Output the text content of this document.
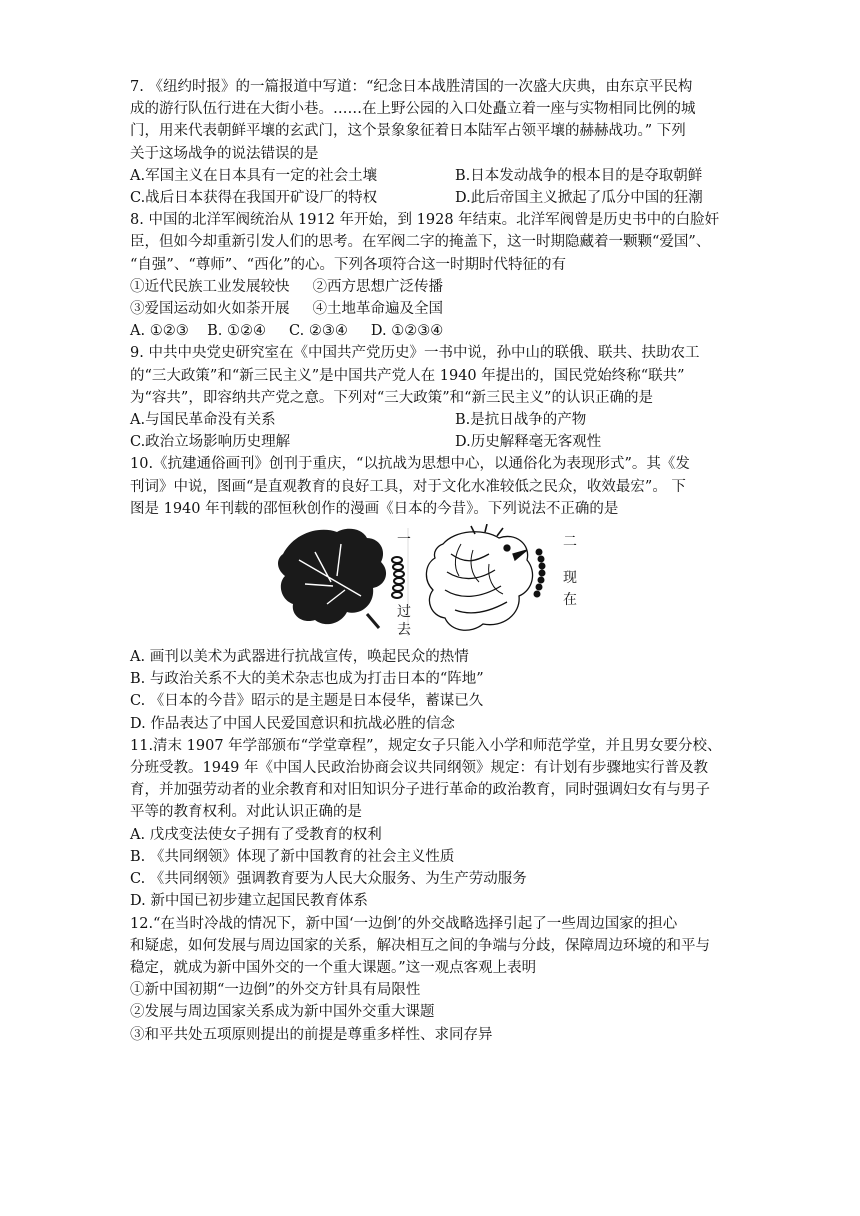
7. 《纽约时报》的一篇报道中写道：“纪念日本战胜清国的一次盛大庆典，由东京平民构
成的游行队伍行进在大街小巷。……在上野公园的入口处矗立着一座与实物相同比例的城
门，用来代表朝鲜平壤的玄武门，这个景象象征着日本陆军占领平壤的赫赫战功。” 下列
关于这场战争的说法错误的是
A.军国主义在日本具有一定的社会土壤	B.日本发动战争的根本目的是夺取朝鲜
C.战后日本获得在我国开矿设厂的特权	D.此后帝国主义掀起了瓜分中国的狂潮
8. 中国的北洋军阀统治从 1912 年开始，到 1928 年结束。北洋军阀曾是历史书中的白脸奸
臣，但如今却重新引发人们的思考。在军阀二字的掩盖下，这一时期隐藏着一颗颗“爱国”、
“自强”、“尊师”、“西化”的心。下列各项符合这一时期时代特征的有
①近代民族工业发展较快     ②西方思想广泛传播
③爱国运动如火如荼开展     ④土地革命遍及全国
A. ①②③    B. ①②④     C. ②③④     D. ①②③④
9. 中共中央党史研究室在《中国共产党历史》一书中说，孙中山的联俄、联共、扶助农工
的“三大政策”和“新三民主义”是中国共产党人在 1940 年提出的，国民党始终称“联共”
为“容共”，即容纳共产党之意。下列对“三大政策”和“新三民主义”的认识正确的是
A.与国民革命没有关系	B.是抗日战争的产物
C.政治立场影响历史理解	D.历史解释毫无客观性
10.《抗建通俗画刊》创刊于重庆，“以抗战为思想中心，以通俗化为表现形式”。其《发
刊词》中说，图画“是直观教育的良好工具，对于文化水准较低之民众，收效最宏”。 下
图是 1940 年刊载的邵恒秋创作的漫画《日本的今昔》。下列说法不正确的是
一
过
去
二
现
在
A. 画刊以美术为武器进行抗战宣传，唤起民众的热情
B. 与政治关系不大的美术杂志也成为打击日本的“阵地”
C. 《日本的今昔》昭示的是主题是日本侵华，蓄谋已久
D. 作品表达了中国人民爱国意识和抗战必胜的信念
11.清末 1907 年学部颁布“学堂章程”，规定女子只能入小学和师范学堂，并且男女要分校、
分班受教。1949 年《中国人民政治协商会议共同纲领》规定：有计划有步骤地实行普及教
育，并加强劳动者的业余教育和对旧知识分子进行革命的政治教育，同时强调妇女有与男子
平等的教育权利。对此认识正确的是
A. 戊戌变法使女子拥有了受教育的权利
B. 《共同纲领》体现了新中国教育的社会主义性质
C. 《共同纲领》强调教育要为人民大众服务、为生产劳动服务
D. 新中国已初步建立起国民教育体系
12.“在当时冷战的情况下，新中国‘一边倒’的外交战略选择引起了一些周边国家的担心
和疑虑，如何发展与周边国家的关系，解决相互之间的争端与分歧，保障周边环境的和平与
稳定，就成为新中国外交的一个重大课题。”这一观点客观上表明
①新中国初期“一边倒”的外交方针具有局限性
②发展与周边国家关系成为新中国外交重大课题
③和平共处五项原则提出的前提是尊重多样性、求同存异
